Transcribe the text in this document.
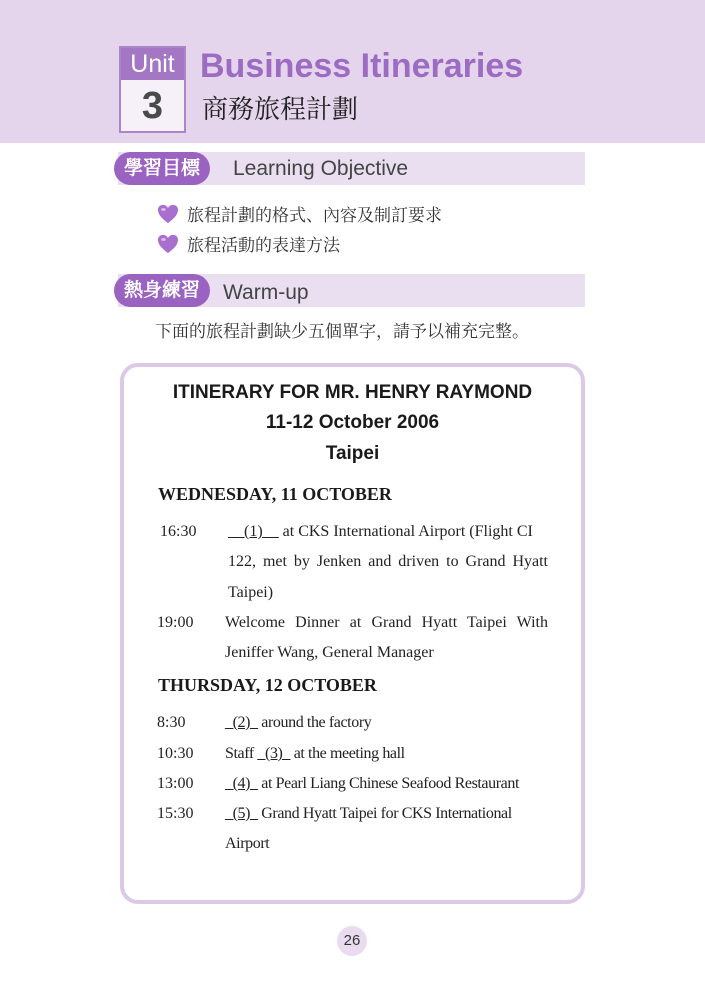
Unit
3
Business Itineraries
商務旅程計劃
學習目標	Learning Objective
旅程計劃的格式、內容及制訂要求
旅程活動的表達方法
熱身練習	Warm-up
下面的旅程計劃缺少五個單字，請予以補充完整。
ITINERARY FOR MR. HENRY RAYMOND
11-12 October 2006
Taipei
WEDNESDAY, 11 OCTOBER
16:30 __(1)__ at CKS International Airport (Flight CI
122, met by Jenken and driven to Grand Hyatt
Taipei)
19:00 Welcome Dinner at Grand Hyatt Taipei With
Jeniffer Wang, General Manager
THURSDAY, 12 OCTOBER
8:30 _(2)_ around the factory
10:30 Staff _(3)_ at the meeting hall
13:00 _(4)_ at Pearl Liang Chinese Seafood Restaurant
15:30 _(5)_ Grand Hyatt Taipei for CKS International
Airport
26
